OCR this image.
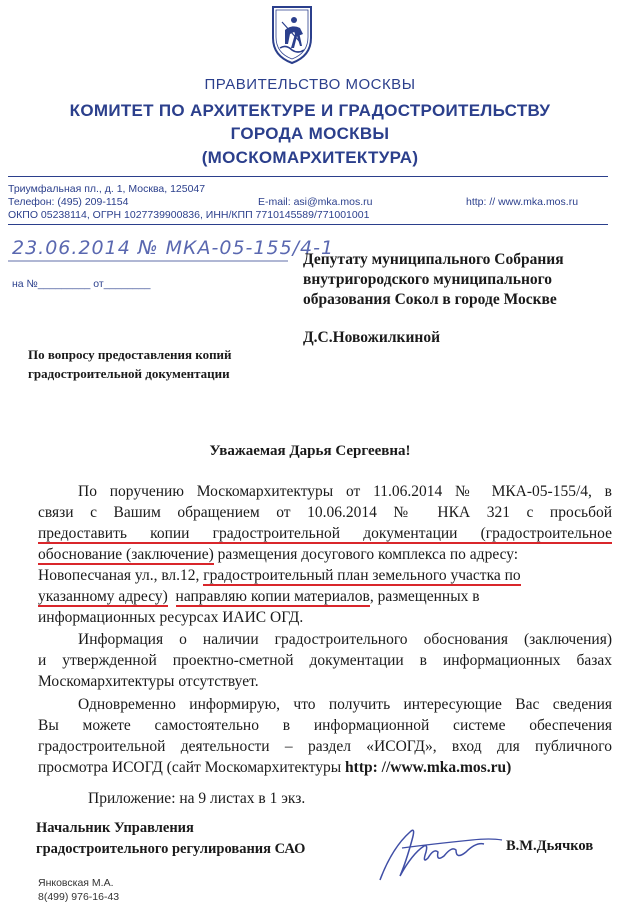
ПРАВИТЕЛЬСТВО МОСКВЫ
КОМИТЕТ ПО АРХИТЕКТУРЕ И ГРАДОСТРОИТЕЛЬСТВУ
ГОРОДА МОСКВЫ
(МОСКОМАРХИТЕКТУРА)
Триумфальная пл., д. 1, Москва, 125047
Телефон: (495) 209-1154	E-mail: asi@mka.mos.ru	http: // www.mka.mos.ru
ОКПО 05238114, ОГРН 1027739900836, ИНН/КПП 7710145589/771001001
23.06.2014 № МКА-05-155/4-1
на №_________ от________
Депутату муниципального Собрания
внутригородского муниципального
образования Сокол в городе Москве
Д.С.Новожилкиной
По вопросу предоставления копий
градостроительной документации
Уважаемая Дарья Сергеевна!
По поручению Москомархитектуры от 11.06.2014 № МКА-05-155/4, в
связи с Вашим обращением от 10.06.2014 № НКА 321 с просьбой
предоставить копии градостроительной документации (градостроительное
обоснование (заключение) размещения досугового комплекса по адресу:
Новопесчаная ул., вл.12, градостроительный план земельного участка по
указанному адресу) направляю копии материалов, размещенных в
информационных ресурсах ИАИС ОГД.
Информация о наличии градостроительного обоснования (заключения)
и утвержденной проектно-сметной документации в информационных базах
Москомархитектуры отсутствует.
Одновременно информирую, что получить интересующие Вас сведения
Вы можете самостоятельно в информационной системе обеспечения
градостроительной деятельности – раздел «ИСОГД», вход для публичного
просмотра ИСОГД (сайт Москомархитектуры http: //www.mka.mos.ru)
Приложение: на 9 листах в 1 экз.
Начальник Управления
градостроительного регулирования САО	В.М.Дьячков
Янковская М.А.
8(499) 976-16-43
